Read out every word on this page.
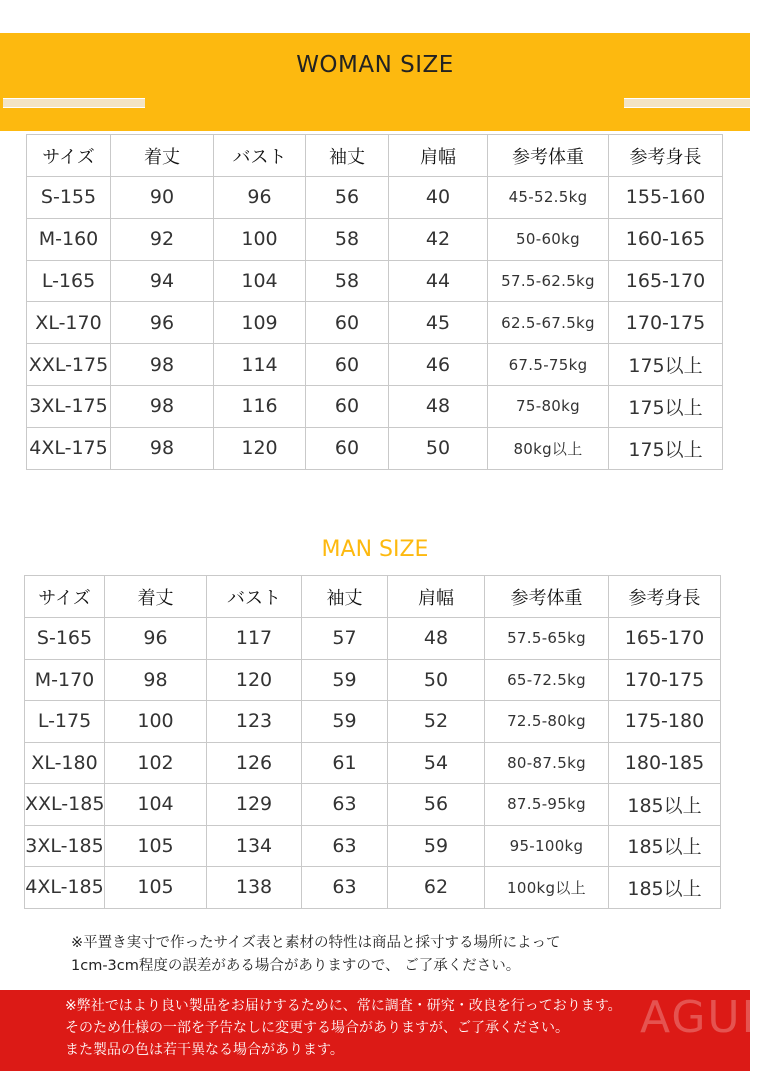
WOMAN SIZE
サイズ	着丈	バスト	袖丈	肩幅	参考体重	参考身長
S-155	90	96	56	40	45-52.5kg	155-160
M-160	92	100	58	42	50-60kg	160-165
L-165	94	104	58	44	57.5-62.5kg	165-170
XL-170	96	109	60	45	62.5-67.5kg	170-175
XXL-175	98	114	60	46	67.5-75kg	175以上
3XL-175	98	116	60	48	75-80kg	175以上
4XL-175	98	120	60	50	80kg以上	175以上
MAN SIZE
サイズ	着丈	バスト	袖丈	肩幅	参考体重	参考身長
S-165	96	117	57	48	57.5-65kg	165-170
M-170	98	120	59	50	65-72.5kg	170-175
L-175	100	123	59	52	72.5-80kg	175-180
XL-180	102	126	61	54	80-87.5kg	180-185
XXL-185	104	129	63	56	87.5-95kg	185以上
3XL-185	105	134	63	59	95-100kg	185以上
4XL-185	105	138	63	62	100kg以上	185以上
※平置き実寸で作ったサイズ表と素材の特性は商品と採寸する場所によって
1cm-3cm程度の誤差がある場合がありますので、 ご了承ください。
AGUR
※弊社ではより良い製品をお届けするために、常に調査・研究・改良を行っております。
そのため仕様の一部を予告なしに変更する場合がありますが、ご了承ください。
また製品の色は若干異なる場合があります。
